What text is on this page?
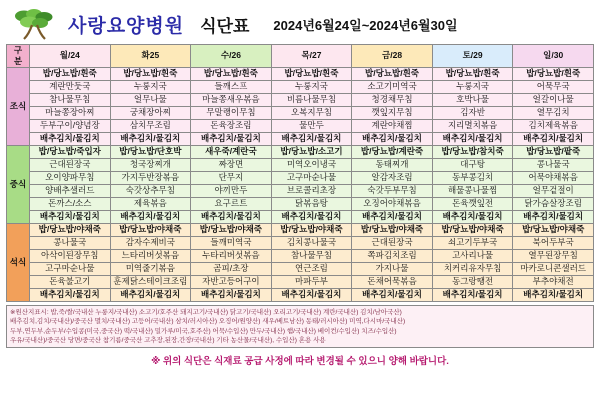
사랑요양병원 식단표 2024년6월24일~2024년6월30일
구
분	월/24	화25	수/26	목/27	금/28	토/29	일/30
조식	밥/당뇨밥/흰죽	밥/당뇨밥/흰죽	밥/당뇨밥/흰죽	밥/당뇨밥/흰죽	밥/당뇨밥/흰죽	밥/당뇨밥/흰죽	밥/당뇨밥/흰죽
	계란만둣국	누룽지국	들깨스프	누룽지국	소고기미역국	누룽지국	어묵무국
	참나물무침	얼무나물	마늘쫑새우볶음	비름나물무침	청경채무침	호박나물	얼갈이나물
	마늘쫑장아찌	궁채장아찌	무말랭이무침	오복지무침	깻잎지무침	김자반	열무김치
	두부구이/양념장	삼치무조림	돈육장조림	물만두	계란야채찜	지리멸치볶음	김치제육볶음
	배추김치/물김치	배추김치/물김치	배추김치/물김치	배추김치/물김치	배추김치/물김치	배추김치/물김치	배추김치/물김치
중식	밥/당뇨밥/죽입자	밥/당뇨밥/단호박	새우죽/계란국	밥/당뇨밥/소고기	밥/당뇨밥/계란죽	밥/당뇨밥/참치죽	밥/당뇨밥/팥죽
	근대된장국	청국장찌개	짜장면	미역오이냉국	동태찌개	대구탕	콩나물국
	오이양파무침	가지두반장볶음	단무지	고구마순나물	알감자조림	동부콩김치	어묵야채볶음
	양배추샐러드	숙갓상추무침	야끼만두	브로콜리초장	숙갓두부무침	해물콩나물찜	얼무겉절이
	돈까스/소스	제육볶음	요구르트	닭볶음탕	오징어야채볶음	돈육깻잎전	닭가슴살장조림
	배추김치/물김치	배추김치/물김치	배추김치/물김치	배추김치/물김치	배추김치/물김치	배추김치/물김치	배추김치/물김치
석식	밥/당뇨밥/야채죽	밥/당뇨밥/야채죽	밥/당뇨밥/야채죽	밥/당뇨밥/야채죽	밥/당뇨밥/야채죽	밥/당뇨밥/야채죽	밥/당뇨밥/야채죽
	콩나물국	감자수제비국	들깨미역국	김치콩나물국	근대된장국	쇠고기두부국	북어두부국
	아삭이된장무침	느타리버섯볶음	누타리버섯볶음	참나물무침	쪽파김치조림	고사리나물	열무된장무침
	고구마순나물	미역줄기볶음	곰피/초장	연근조림	가지나물	치커리유자무침	마카로니콘샐러드
	돈육불고기	훈제닭스테이크조림	자반고등어구이	마파두부	돈채어묵볶음	동그랑땡전	부추야채전
	배추김치/물김치	배추김치/물김치	배추김치/물김치	배추김치/물김치	배추김치/물김치	배추김치/물김치	배추김치/물김치
※원산지표시: 밥,죽/쌀/국내산 누룽지/국내산) 소고기/호주산 돼지고기/국내산) 닭고기/국내산) 오리고기/국내산) 계란/국내산) 김치/남아국산)
배추김치,김치/국내산)/중국산 멸치/국내산) 고등어/국내산) 삼치/러시아산) 오징어/원양산) 새우/베트남산) 동태/러시아산) 미역,다시마/국내산)
두부,연두부,순두부/수입콩(미국,중국산) 떡/국내산) 밀가루/미국,호주산) 어묵/수입산) 만두/국내산) 햄/국내산) 베이컨/수입산) 치즈/수입산)
우유/국내산)/중국산 당면/중국산 참기름/중국산 고추장,된장,간장/국내산) 기타 농산물/국내산), 수입산) 혼용 사용
※ 위의 식단은 식재료 공급 사정에 따라 변경될 수 있으니 양해 바랍니다.
